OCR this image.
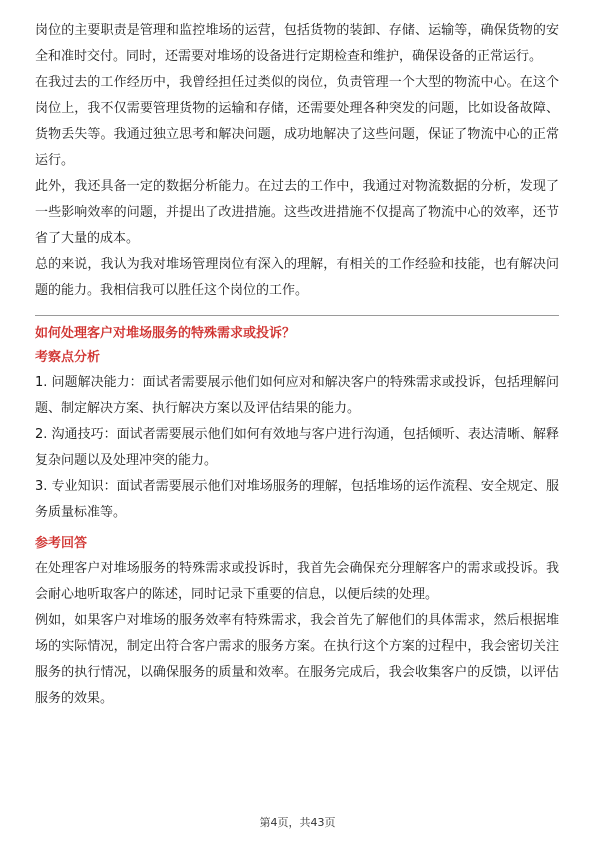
岗位的主要职责是管理和监控堆场的运营，包括货物的装卸、存储、运输等，确保货物的安全和准时交付。同时，还需要对堆场的设备进行定期检查和维护，确保设备的正常运行。

在我过去的工作经历中，我曾经担任过类似的岗位，负责管理一个大型的物流中心。在这个岗位上，我不仅需要管理货物的运输和存储，还需要处理各种突发的问题，比如设备故障、货物丢失等。我通过独立思考和解决问题，成功地解决了这些问题，保证了物流中心的正常运行。

此外，我还具备一定的数据分析能力。在过去的工作中，我通过对物流数据的分析，发现了一些影响效率的问题，并提出了改进措施。这些改进措施不仅提高了物流中心的效率，还节省了大量的成本。

总的来说，我认为我对堆场管理岗位有深入的理解，有相关的工作经验和技能，也有解决问题的能力。我相信我可以胜任这个岗位的工作。

如何处理客户对堆场服务的特殊需求或投诉？

考察点分析

1. 问题解决能力：面试者需要展示他们如何应对和解决客户的特殊需求或投诉，包括理解问题、制定解决方案、执行解决方案以及评估结果的能力。

2. 沟通技巧：面试者需要展示他们如何有效地与客户进行沟通，包括倾听、表达清晰、解释复杂问题以及处理冲突的能力。

3. 专业知识：面试者需要展示他们对堆场服务的理解，包括堆场的运作流程、安全规定、服务质量标准等。

参考回答

在处理客户对堆场服务的特殊需求或投诉时，我首先会确保充分理解客户的需求或投诉。我会耐心地听取客户的陈述，同时记录下重要的信息，以便后续的处理。

例如，如果客户对堆场的服务效率有特殊需求，我会首先了解他们的具体需求，然后根据堆场的实际情况，制定出符合客户需求的服务方案。在执行这个方案的过程中，我会密切关注服务的执行情况，以确保服务的质量和效率。在服务完成后，我会收集客户的反馈，以评估服务的效果。

第4页，共43页
